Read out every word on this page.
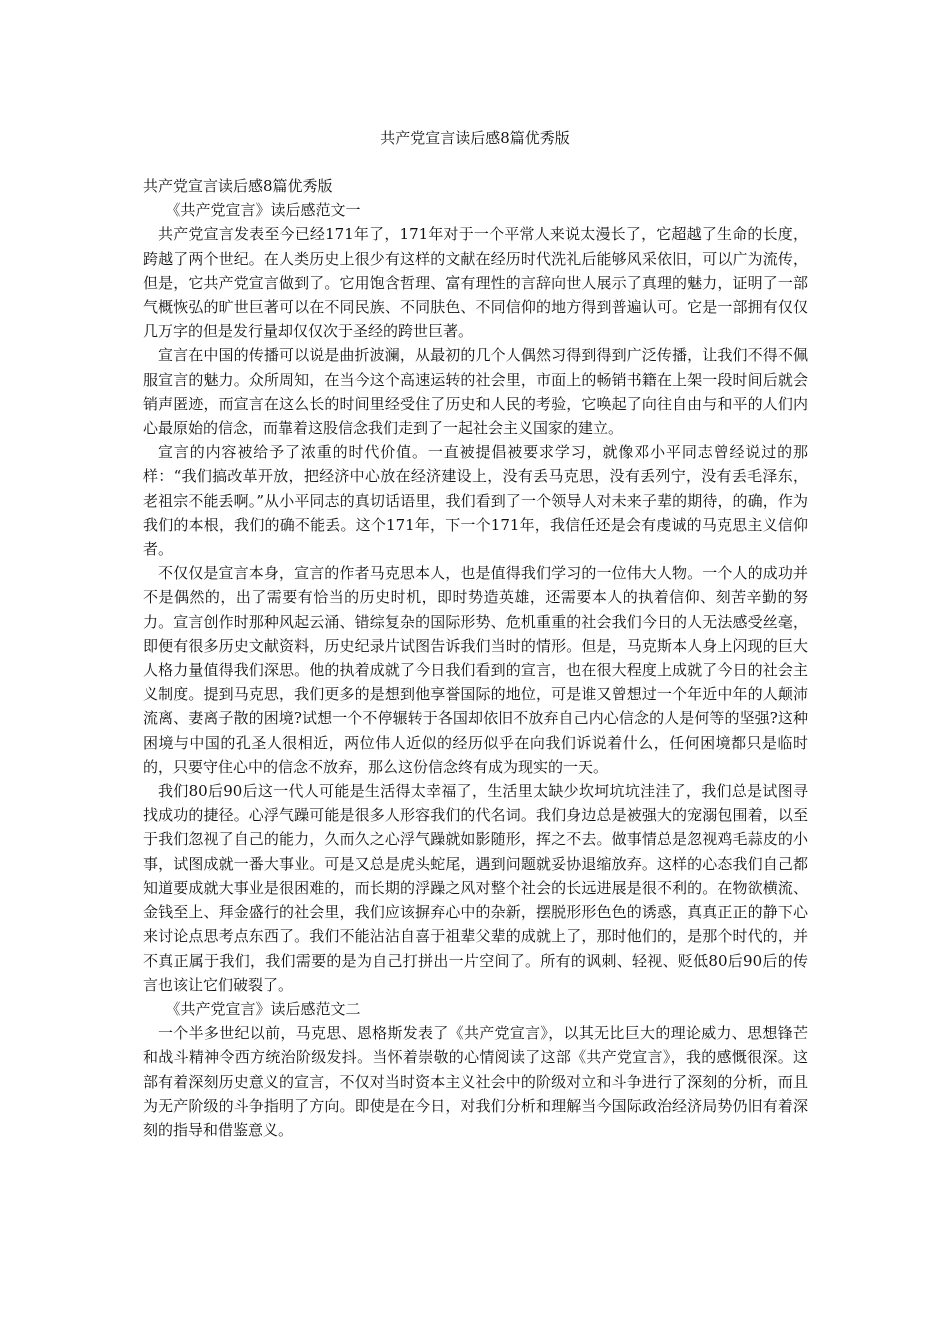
共产党宣言读后感8篇优秀版

共产党宣言读后感8篇优秀版

《共产党宣言》读后感范文一

共产党宣言发表至今已经171年了，171年对于一个平常人来说太漫长了，它超越了生命的长度，跨越了两个世纪。在人类历史上很少有这样的文献在经历时代洗礼后能够风采依旧，可以广为流传，但是，它共产党宣言做到了。它用饱含哲理、富有理性的言辞向世人展示了真理的魅力，证明了一部气概恢弘的旷世巨著可以在不同民族、不同肤色、不同信仰的地方得到普遍认可。它是一部拥有仅仅几万字的但是发行量却仅仅次于圣经的跨世巨著。

宣言在中国的传播可以说是曲折波澜，从最初的几个人偶然习得到得到广泛传播，让我们不得不佩服宣言的魅力。众所周知，在当今这个高速运转的社会里，市面上的畅销书籍在上架一段时间后就会销声匿迹，而宣言在这么长的时间里经受住了历史和人民的考验，它唤起了向往自由与和平的人们内心最原始的信念，而靠着这股信念我们走到了一起社会主义国家的建立。

宣言的内容被给予了浓重的时代价值。一直被提倡被要求学习，就像邓小平同志曾经说过的那样：“我们搞改革开放，把经济中心放在经济建设上，没有丢马克思，没有丢列宁，没有丢毛泽东，老祖宗不能丢啊。”从小平同志的真切话语里，我们看到了一个领导人对未来子辈的期待，的确，作为我们的本根，我们的确不能丢。这个171年，下一个171年，我信任还是会有虔诚的马克思主义信仰者。

不仅仅是宣言本身，宣言的作者马克思本人，也是值得我们学习的一位伟大人物。一个人的成功并不是偶然的，出了需要有恰当的历史时机，即时势造英雄，还需要本人的执着信仰、刻苦辛勤的努力。宣言创作时那种风起云涌、错综复杂的国际形势、危机重重的社会我们今日的人无法感受丝毫，即便有很多历史文献资料，历史纪录片试图告诉我们当时的情形。但是，马克斯本人身上闪现的巨大人格力量值得我们深思。他的执着成就了今日我们看到的宣言，也在很大程度上成就了今日的社会主义制度。提到马克思，我们更多的是想到他享誉国际的地位，可是谁又曾想过一个年近中年的人颠沛流离、妻离子散的困境?试想一个不停辗转于各国却依旧不放弃自己内心信念的人是何等的坚强?这种困境与中国的孔圣人很相近，两位伟人近似的经历似乎在向我们诉说着什么，任何困境都只是临时的，只要守住心中的信念不放弃，那么这份信念终有成为现实的一天。

我们80后90后这一代人可能是生活得太幸福了，生活里太缺少坎坷坑坑洼洼了，我们总是试图寻找成功的捷径。心浮气躁可能是很多人形容我们的代名词。我们身边总是被强大的宠溺包围着，以至于我们忽视了自己的能力，久而久之心浮气躁就如影随形，挥之不去。做事情总是忽视鸡毛蒜皮的小事，试图成就一番大事业。可是又总是虎头蛇尾，遇到问题就妥协退缩放弃。这样的心态我们自己都知道要成就大事业是很困难的，而长期的浮躁之风对整个社会的长远进展是很不利的。在物欲横流、金钱至上、拜金盛行的社会里，我们应该摒弃心中的杂新，摆脱形形色色的诱惑，真真正正的静下心来讨论点思考点东西了。我们不能沾沾自喜于祖辈父辈的成就上了，那时他们的，是那个时代的，并不真正属于我们，我们需要的是为自己打拼出一片空间了。所有的讽刺、轻视、贬低80后90后的传言也该让它们破裂了。

《共产党宣言》读后感范文二

一个半多世纪以前，马克思、恩格斯发表了《共产党宣言》，以其无比巨大的理论威力、思想锋芒和战斗精神令西方统治阶级发抖。当怀着崇敬的心情阅读了这部《共产党宣言》，我的感慨很深。这部有着深刻历史意义的宣言，不仅对当时资本主义社会中的阶级对立和斗争进行了深刻的分析，而且为无产阶级的斗争指明了方向。即使是在今日，对我们分析和理解当今国际政治经济局势仍旧有着深刻的指导和借鉴意义。
